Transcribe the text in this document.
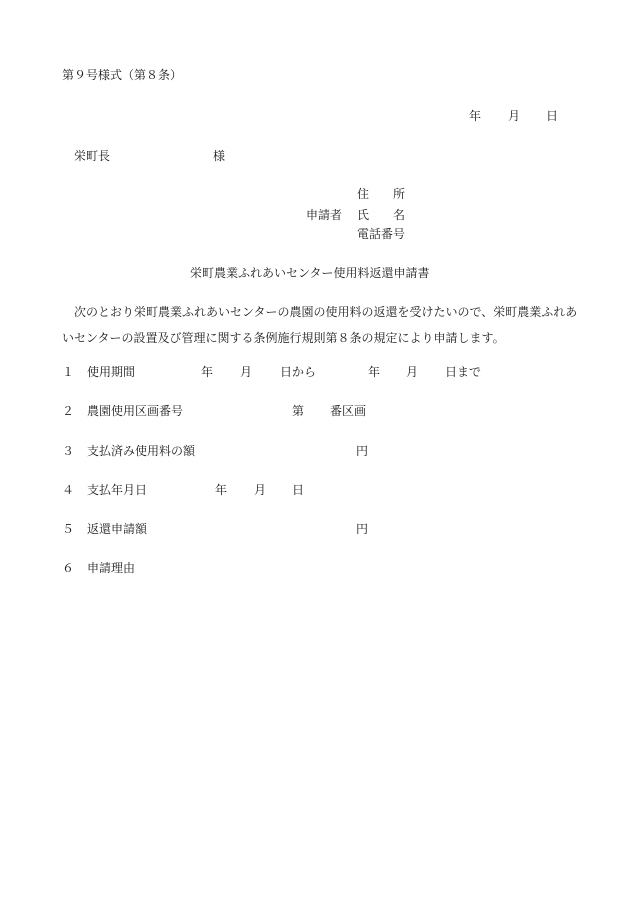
第９号様式（第８条）
年 月 日
栄町長	様
住　　所
申請者 氏　　名
電話番号
栄町農業ふれあいセンター使用料返還申請書
次のとおり栄町農業ふれあいセンターの農園の使用料の返還を受けたいので、栄町農業ふれあいセンターの設置及び管理に関する条例施行規則第８条の規定により申請します。
１ 使用期間	年 月 日から	年 月 日まで
２ 農園使用区画番号	第 番区画
３ 支払済み使用料の額	円
４ 支払年月日	年 月 日
５ 返還申請額	円
６ 申請理由
